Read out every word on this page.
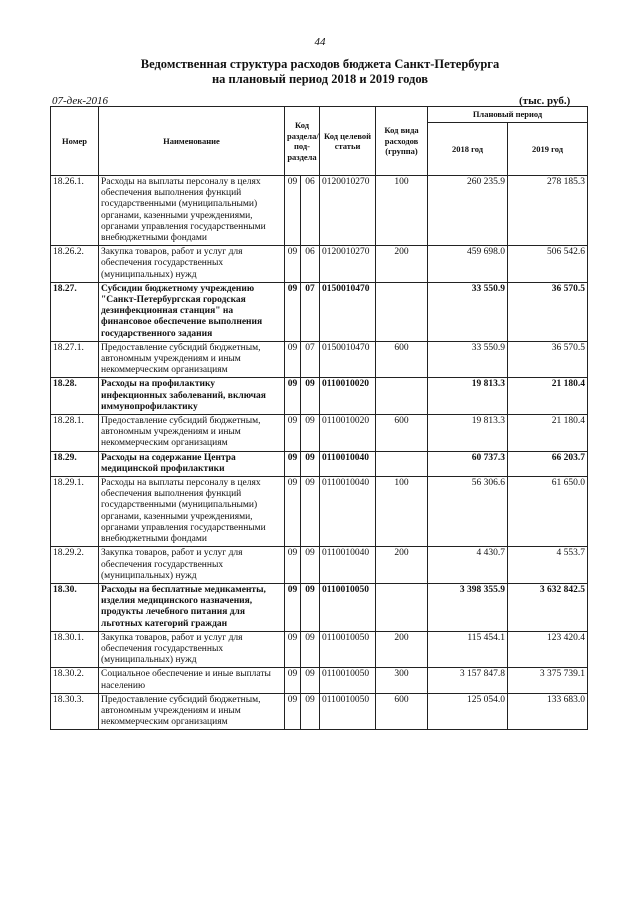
44
Ведомственная структура расходов бюджета Санкт-Петербурга
на плановый период 2018 и 2019 годов
07-дек-2016	(тыс. руб.)
Номер	Наименование	Код раздела/ под-раздела		Код целевой статьи	Код вида расходов (группа)	Плановый период	
						2018 год	2019 год
18.26.1.	Расходы на выплаты персоналу в целях обеспечения выполнения функций государственными (муниципальными) органами, казенными учреждениями, органами управления государственными внебюджетными фондами	09	06	0120010270	100	260 235.9	278 185.3
18.26.2.	Закупка товаров, работ и услуг для обеспечения государственных (муниципальных) нужд	09	06	0120010270	200	459 698.0	506 542.6
18.27.	Субсидии бюджетному учреждению "Санкт-Петербургская городская дезинфекционная станция" на финансовое обеспечение выполнения государственного задания	09	07	0150010470		33 550.9	36 570.5
18.27.1.	Предоставление субсидий бюджетным, автономным учреждениям и иным некоммерческим организациям	09	07	0150010470	600	33 550.9	36 570.5
18.28.	Расходы на профилактику инфекционных заболеваний, включая иммунопрофилактику	09	09	0110010020		19 813.3	21 180.4
18.28.1.	Предоставление субсидий бюджетным, автономным учреждениям и иным некоммерческим организациям	09	09	0110010020	600	19 813.3	21 180.4
18.29.	Расходы на содержание Центра медицинской профилактики	09	09	0110010040		60 737.3	66 203.7
18.29.1.	Расходы на выплаты персоналу в целях обеспечения выполнения функций государственными (муниципальными) органами, казенными учреждениями, органами управления государственными внебюджетными фондами	09	09	0110010040	100	56 306.6	61 650.0
18.29.2.	Закупка товаров, работ и услуг для обеспечения государственных (муниципальных) нужд	09	09	0110010040	200	4 430.7	4 553.7
18.30.	Расходы на бесплатные медикаменты, изделия медицинского назначения, продукты лечебного питания для льготных категорий граждан	09	09	0110010050		3 398 355.9	3 632 842.5
18.30.1.	Закупка товаров, работ и услуг для обеспечения государственных (муниципальных) нужд	09	09	0110010050	200	115 454.1	123 420.4
18.30.2.	Социальное обеспечение и иные выплаты населению	09	09	0110010050	300	3 157 847.8	3 375 739.1
18.30.3.	Предоставление субсидий бюджетным, автономным учреждениям и иным некоммерческим организациям	09	09	0110010050	600	125 054.0	133 683.0
